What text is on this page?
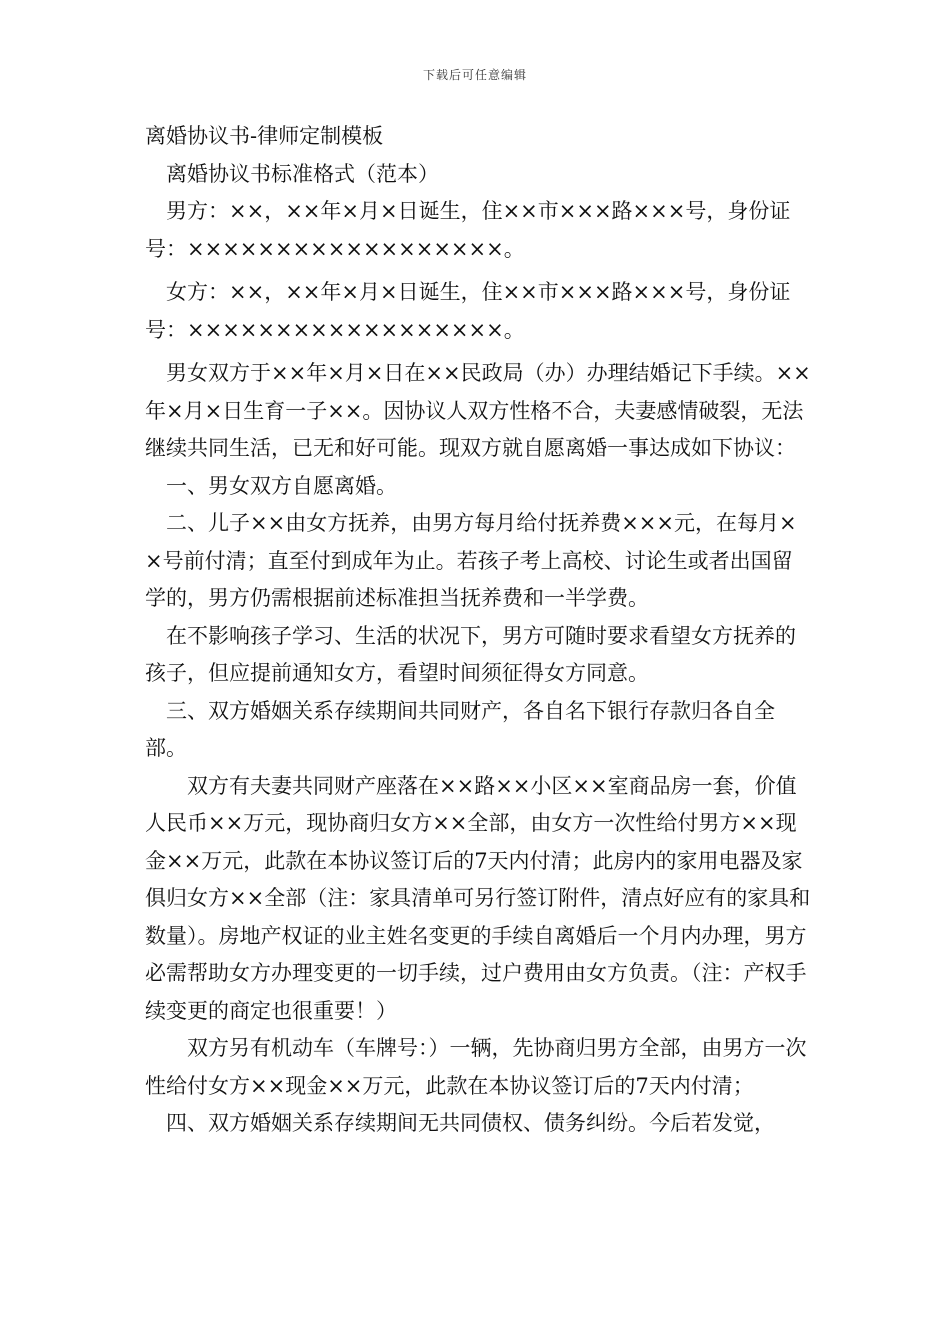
下载后可任意编辑

离婚协议书-律师定制模板

离婚协议书标准格式（范本）

男方：××，××年×月×日诞生，住××市×××路×××号，身份证号：××××××××××××××××××。

女方：××，××年×月×日诞生，住××市×××路×××号，身份证号：××××××××××××××××××。

男女双方于××年×月×日在××民政局（办）办理结婚记下手续。××年×月×日生育一子××。因协议人双方性格不合，夫妻感情破裂，无法继续共同生活，已无和好可能。现双方就自愿离婚一事达成如下协议：

一、男女双方自愿离婚。

二、儿子××由女方抚养，由男方每月给付抚养费×××元，在每月××号前付清；直至付到成年为止。若孩子考上高校、讨论生或者出国留学的，男方仍需根据前述标准担当抚养费和一半学费。

在不影响孩子学习、生活的状况下，男方可随时要求看望女方抚养的孩子，但应提前通知女方，看望时间须征得女方同意。

三、双方婚姻关系存续期间共同财产，各自名下银行存款归各自全部。

双方有夫妻共同财产座落在××路××小区××室商品房一套，价值人民币××万元，现协商归女方××全部，由女方一次性给付男方××现金××万元，此款在本协议签订后的7天内付清；此房内的家用电器及家俱归女方××全部（注：家具清单可另行签订附件，清点好应有的家具和数量）。房地产权证的业主姓名变更的手续自离婚后一个月内办理，男方必需帮助女方办理变更的一切手续，过户费用由女方负责。（注：产权手续变更的商定也很重要！）

双方另有机动车（车牌号：）一辆，先协商归男方全部，由男方一次性给付女方××现金××万元，此款在本协议签订后的7天内付清；

四、双方婚姻关系存续期间无共同债权、债务纠纷。今后若发觉，
